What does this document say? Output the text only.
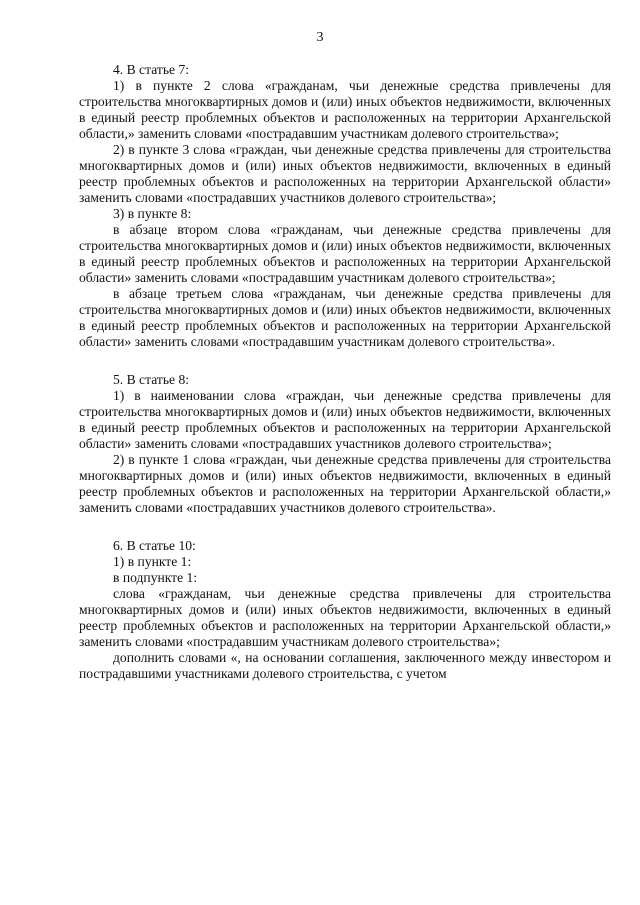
3

4. В статье 7:

1) в пункте 2 слова «гражданам, чьи денежные средства привлечены для строительства многоквартирных домов и (или) иных объектов недвижимости, включенных в единый реестр проблемных объектов и расположенных на территории Архангельской области,» заменить словами «пострадавшим участникам долевого строительства»;

2) в пункте 3 слова «граждан, чьи денежные средства привлечены для строительства многоквартирных домов и (или) иных объектов недвижимости, включенных в единый реестр проблемных объектов и расположенных на территории Архангельской области» заменить словами «пострадавших участников долевого строительства»;

3) в пункте 8:

в абзаце втором слова «гражданам, чьи денежные средства привлечены для строительства многоквартирных домов и (или) иных объектов недвижимости, включенных в единый реестр проблемных объектов и расположенных на территории Архангельской области» заменить словами «пострадавшим участникам долевого строительства»;

в абзаце третьем слова «гражданам, чьи денежные средства привлечены для строительства многоквартирных домов и (или) иных объектов недвижимости, включенных в единый реестр проблемных объектов и расположенных на территории Архангельской области» заменить словами «пострадавшим участникам долевого строительства».

5. В статье 8:

1) в наименовании слова «граждан, чьи денежные средства привлечены для строительства многоквартирных домов и (или) иных объектов недвижимости, включенных в единый реестр проблемных объектов и расположенных на территории Архангельской области» заменить словами «пострадавших участников долевого строительства»;

2) в пункте 1 слова «граждан, чьи денежные средства привлечены для строительства многоквартирных домов и (или) иных объектов недвижимости, включенных в единый реестр проблемных объектов и расположенных на территории Архангельской области,» заменить словами «пострадавших участников долевого строительства».

6. В статье 10:

1) в пункте 1:

в подпункте 1:

слова «гражданам, чьи денежные средства привлечены для строительства многоквартирных домов и (или) иных объектов недвижимости, включенных в единый реестр проблемных объектов и расположенных на территории Архангельской области,» заменить словами «пострадавшим участникам долевого строительства»;

дополнить словами «, на основании соглашения, заключенного между инвестором и пострадавшими участниками долевого строительства, с учетом
